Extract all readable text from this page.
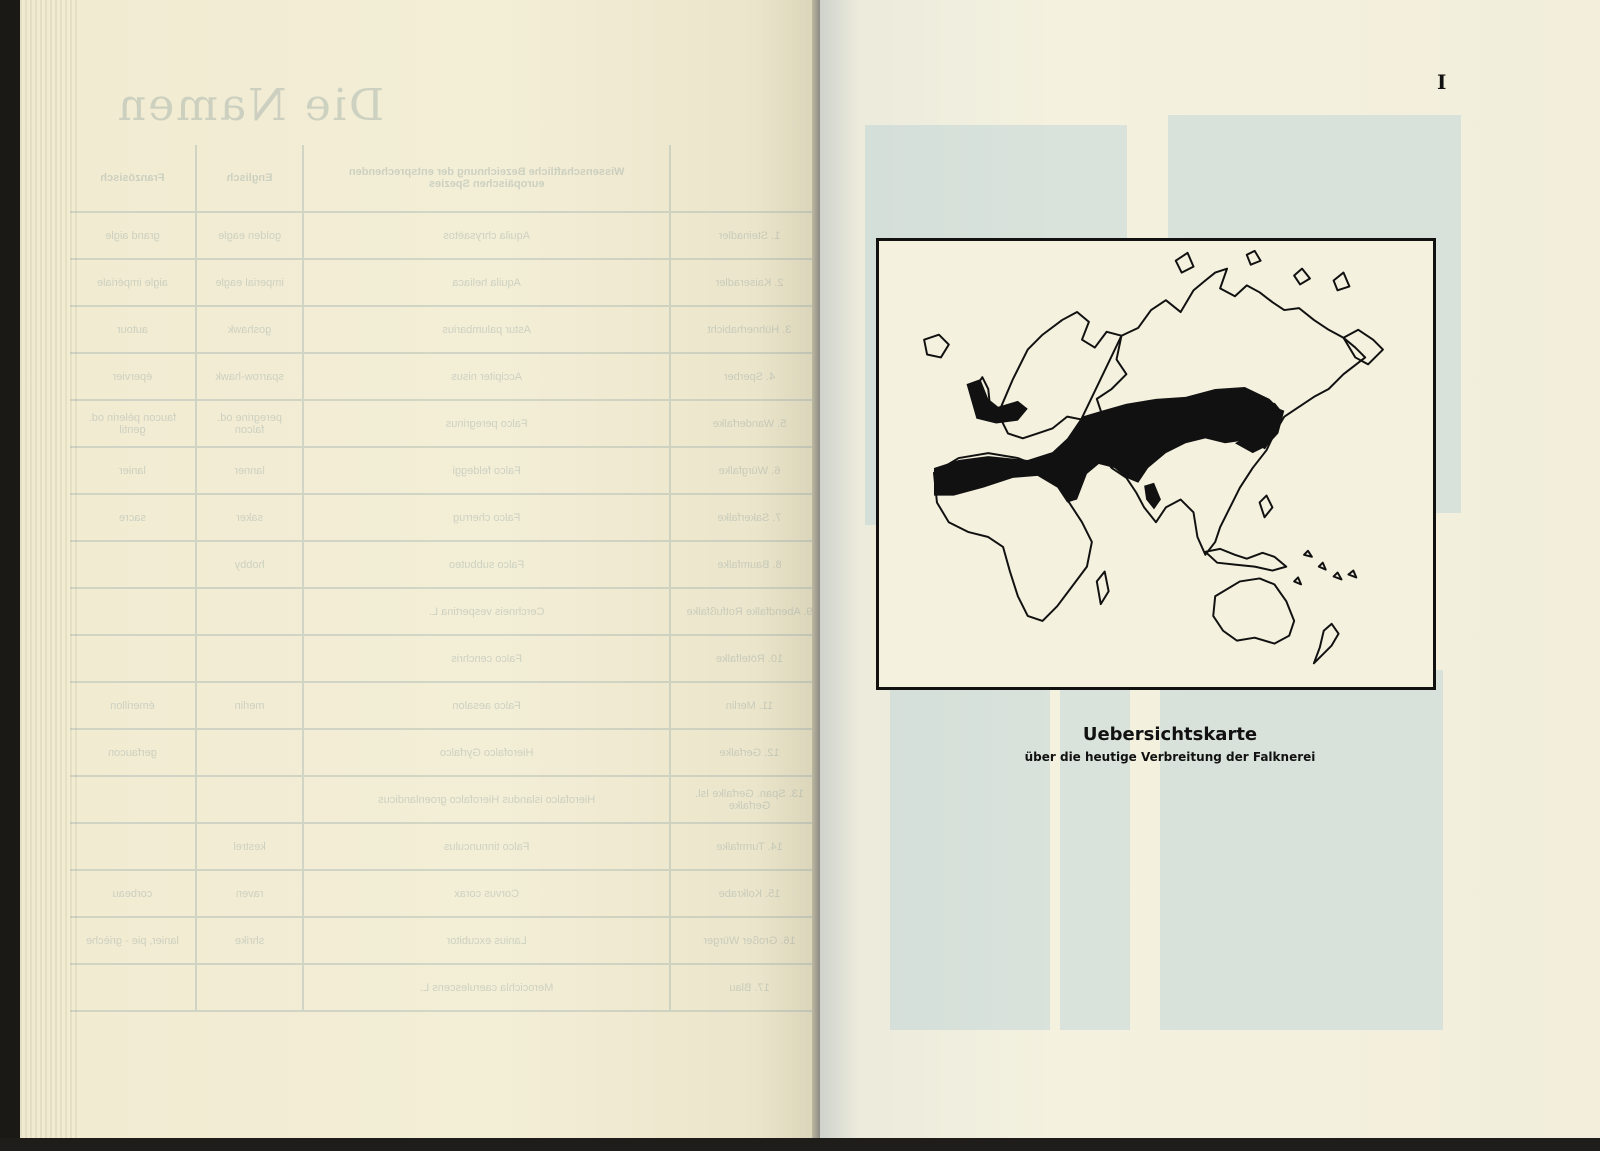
Die Namen
	Wissenschaftliche Bezeichnung der entsprechenden europäischen Spezies	Englisch	Französisch
1. Steinadler	Aquila chrysaëtos	golden eagle	grand aigle
2. Kaiseradler	Aquila heliaca	imperial eagle	aigle impériale
3. Hühnerhabicht	Astur palumbarius	goshawk	autour
4. Sperber	Accipiter nisus	sparrow-hawk	épervier
5. Wanderfalke	Falco peregrinus	peregrine od. falcon	faucon pèlerin od. gentil
6. Würgfalke	Falco feldeggi	lanner	lanier
7. Sakerfalke	Falco cherrug	saker	sacre
8. Baumfalke	Falco subbuteo	hobby	
9. Abendfalke Rotfußfalke	Cerchneis vespertina L.		
10. Rötelfalke	Falco cenchris		
11. Merlin	Falco aesalon	merlin	émerillon
12. Gerfalke	Hierofalco Gyrfalco		gerfaucon
13. Span. Gerfalke Isl. Gerfalke	Hierofalco islandus Hierofalco groenlandicus		
14. Turmfalke	Falco tinnunculus	kestrel	
15. Kolkrabe	Corvus corax	raven	corbeau
16. Großer Würger	Lanius excubitor	shrike	lanier, pie - grièche
17. Blau	Merocichla caerulescens L.		
I
Uebersichtskarte
über die heutige Verbreitung der Falknerei
